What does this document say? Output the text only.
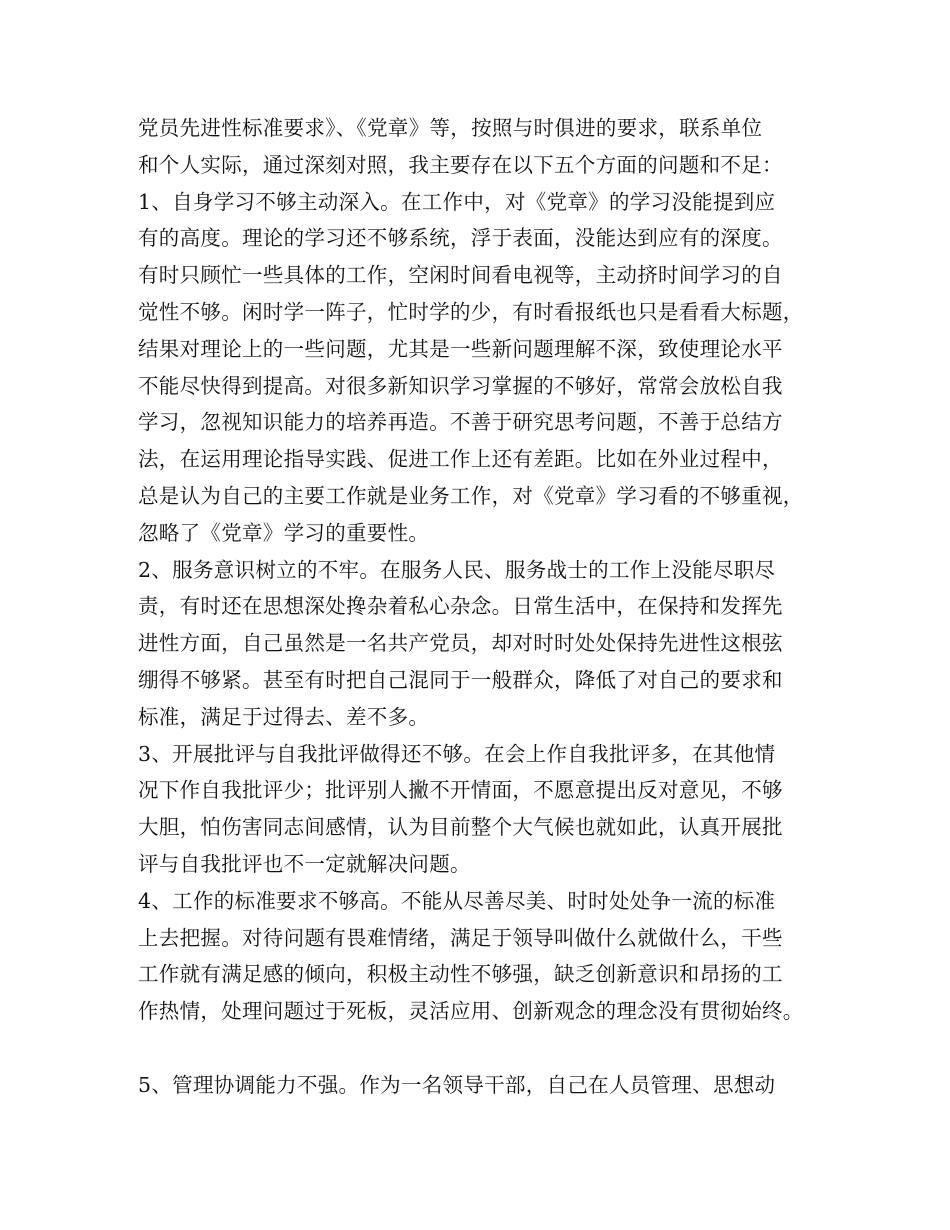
党员先进性标准要求》、《党章》等，按照与时俱进的要求，联系单位
和个人实际，通过深刻对照，我主要存在以下五个方面的问题和不足：
1、自身学习不够主动深入。在工作中，对《党章》的学习没能提到应
有的高度。理论的学习还不够系统，浮于表面，没能达到应有的深度。
有时只顾忙一些具体的工作，空闲时间看电视等，主动挤时间学习的自
觉性不够。闲时学一阵子，忙时学的少，有时看报纸也只是看看大标题，
结果对理论上的一些问题，尤其是一些新问题理解不深，致使理论水平
不能尽快得到提高。对很多新知识学习掌握的不够好，常常会放松自我
学习，忽视知识能力的培养再造。不善于研究思考问题，不善于总结方
法，在运用理论指导实践、促进工作上还有差距。比如在外业过程中，
总是认为自己的主要工作就是业务工作，对《党章》学习看的不够重视，
忽略了《党章》学习的重要性。
2、服务意识树立的不牢。在服务人民、服务战士的工作上没能尽职尽
责，有时还在思想深处搀杂着私心杂念。日常生活中，在保持和发挥先
进性方面，自己虽然是一名共产党员，却对时时处处保持先进性这根弦
绷得不够紧。甚至有时把自己混同于一般群众，降低了对自己的要求和
标准，满足于过得去、差不多。
3、开展批评与自我批评做得还不够。在会上作自我批评多，在其他情
况下作自我批评少；批评别人撇不开情面，不愿意提出反对意见，不够
大胆，怕伤害同志间感情，认为目前整个大气候也就如此，认真开展批
评与自我批评也不一定就解决问题。
4、工作的标准要求不够高。不能从尽善尽美、时时处处争一流的标准
上去把握。对待问题有畏难情绪，满足于领导叫做什么就做什么，干些
工作就有满足感的倾向，积极主动性不够强，缺乏创新意识和昂扬的工
作热情，处理问题过于死板，灵活应用、创新观念的理念没有贯彻始终。
5、管理协调能力不强。作为一名领导干部，自己在人员管理、思想动
